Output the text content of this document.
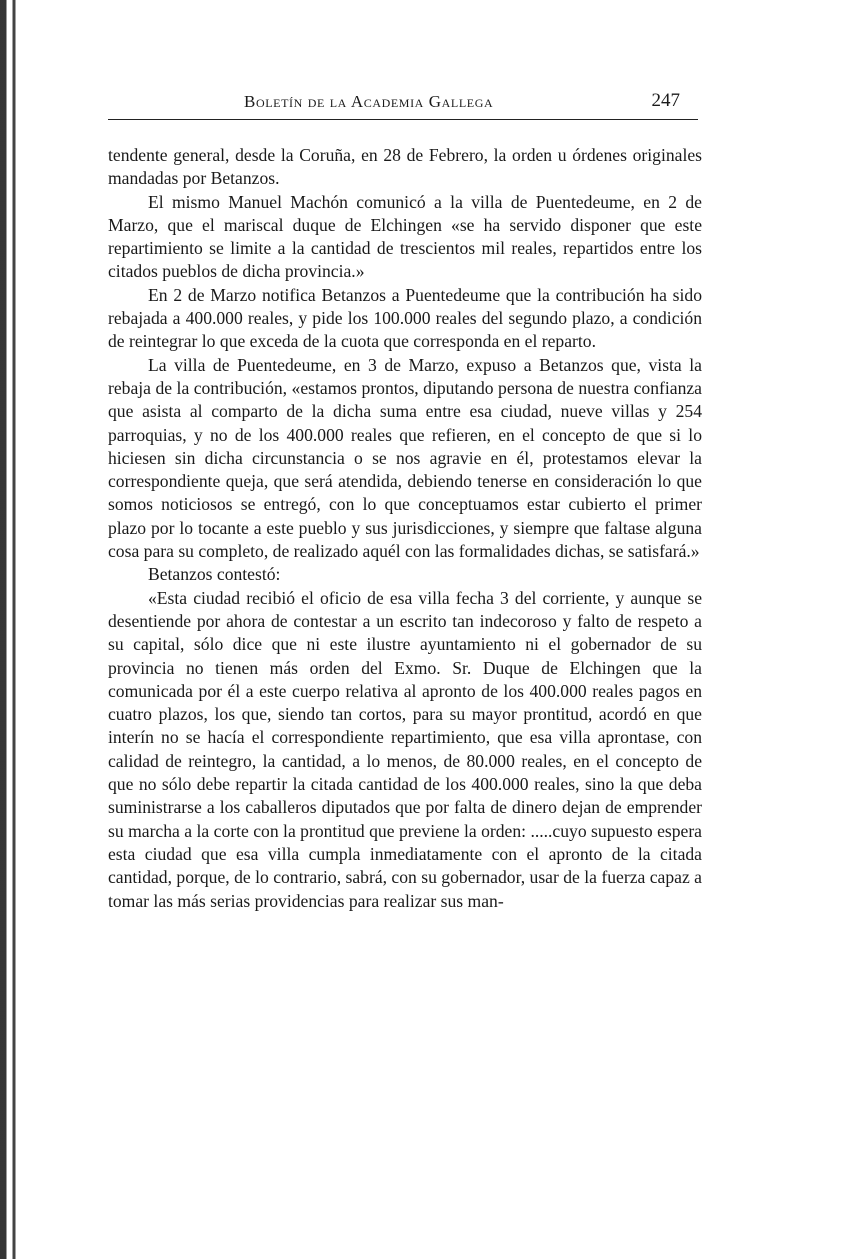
Boletín de la Academia Gallega	247

tendente general, desde la Coruña, en 28 de Febrero, la orden u órdenes originales mandadas por Betanzos.

El mismo Manuel Machón comunicó a la villa de Puentedeume, en 2 de Marzo, que el mariscal duque de Elchingen «se ha servido disponer que este repartimiento se limite a la cantidad de trescientos mil reales, repartidos entre los citados pueblos de dicha provincia.»

En 2 de Marzo notifica Betanzos a Puentedeume que la contribución ha sido rebajada a 400.000 reales, y pide los 100.000 reales del segundo plazo, a condición de reintegrar lo que exceda de la cuota que corresponda en el reparto.

La villa de Puentedeume, en 3 de Marzo, expuso a Betanzos que, vista la rebaja de la contribución, «estamos prontos, diputando persona de nuestra confianza que asista al comparto de la dicha suma entre esa ciudad, nueve villas y 254 parroquias, y no de los 400.000 reales que refieren, en el concepto de que si lo hiciesen sin dicha circunstancia o se nos agravie en él, protestamos elevar la correspondiente queja, que será atendida, debiendo tenerse en consideración lo que somos noticiosos se entregó, con lo que conceptuamos estar cubierto el primer plazo por lo tocante a este pueblo y sus jurisdicciones, y siempre que faltase alguna cosa para su completo, de realizado aquél con las formalidades dichas, se satisfará.»

Betanzos contestó:

«Esta ciudad recibió el oficio de esa villa fecha 3 del corriente, y aunque se desentiende por ahora de contestar a un escrito tan indecoroso y falto de respeto a su capital, sólo dice que ni este ilustre ayuntamiento ni el gobernador de su provincia no tienen más orden del Exmo. Sr. Duque de Elchingen que la comunicada por él a este cuerpo relativa al apronto de los 400.000 reales pagos en cuatro plazos, los que, siendo tan cortos, para su mayor prontitud, acordó en que interín no se hacía el correspondiente repartimiento, que esa villa aprontase, con calidad de reintegro, la cantidad, a lo menos, de 80.000 reales, en el concepto de que no sólo debe repartir la citada cantidad de los 400.000 reales, sino la que deba suministrarse a los caballeros diputados que por falta de dinero dejan de emprender su marcha a la corte con la prontitud que previene la orden: .....cuyo supuesto espera esta ciudad que esa villa cumpla inmediatamente con el apronto de la citada cantidad, porque, de lo contrario, sabrá, con su gobernador, usar de la fuerza capaz a tomar las más serias providencias para realizar sus man-
